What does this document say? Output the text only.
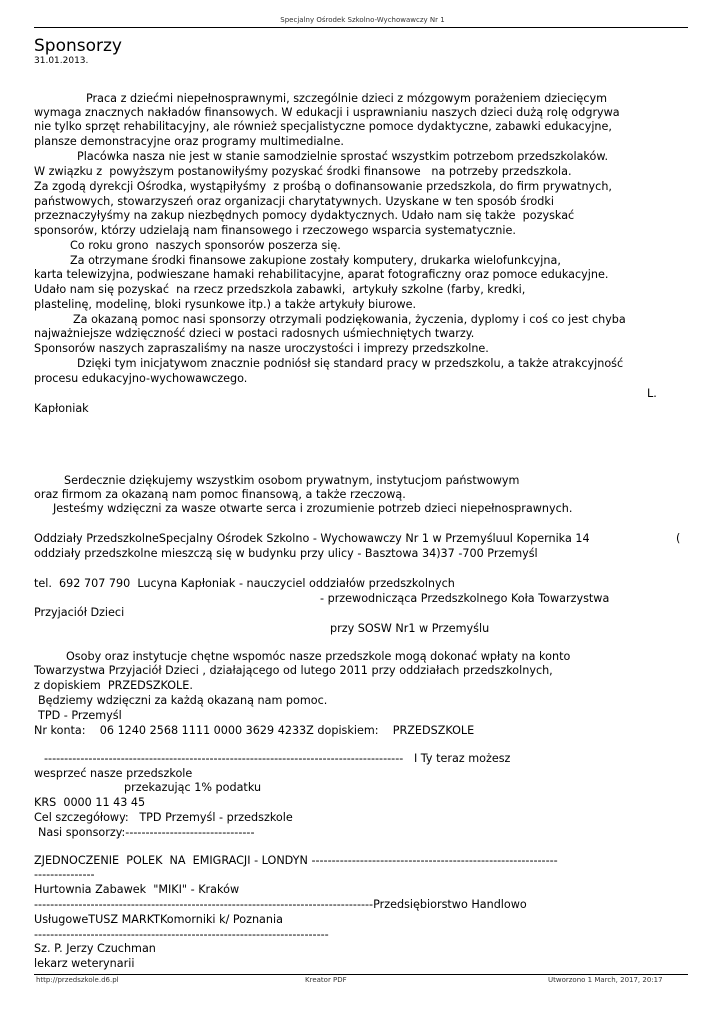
Specjalny Ośrodek Szkolno-Wychowawczy Nr 1
Sponsorzy
31.01.2013.
Praca z dziećmi niepełnosprawnymi, szczególnie dzieci z mózgowym porażeniem dziecięcym
wymaga znacznych nakładów finansowych. W edukacji i usprawnianiu naszych dzieci dużą rolę odgrywa
nie tylko sprzęt rehabilitacyjny, ale również specjalistyczne pomoce dydaktyczne, zabawki edukacyjne,
plansze demonstracyjne oraz programy multimedialne.
Placówka nasza nie jest w stanie samodzielnie sprostać wszystkim potrzebom przedszkolaków.
W związku z  powyższym postanowiłyśmy pozyskać środki finansowe   na potrzeby przedszkola.
Za zgodą dyrekcji Ośrodka, wystąpiłyśmy  z prośbą o dofinansowanie przedszkola, do firm prywatnych,
państwowych, stowarzyszeń oraz organizacji charytatywnych. Uzyskane w ten sposób środki
przeznaczyłyśmy na zakup niezbędnych pomocy dydaktycznych. Udało nam się także  pozyskać
sponsorów, którzy udzielają nam finansowego i rzeczowego wsparcia systematycznie.
Co roku grono  naszych sponsorów poszerza się.
Za otrzymane środki finansowe zakupione zostały komputery, drukarka wielofunkcyjna,
karta telewizyjna, podwieszane hamaki rehabilitacyjne, aparat fotograficzny oraz pomoce edukacyjne.
Udało nam się pozyskać  na rzecz przedszkola zabawki,  artykuły szkolne (farby, kredki,
plastelinę, modelinę, bloki rysunkowe itp.) a także artykuły biurowe.
Za okazaną pomoc nasi sponsorzy otrzymali podziękowania, życzenia, dyplomy i coś co jest chyba
najważniejsze wdzięczność dzieci w postaci radosnych uśmiechniętych twarzy.
Sponsorów naszych zapraszaliśmy na nasze uroczystości i imprezy przedszkolne.
Dzięki tym inicjatywom znacznie podniósł się standard pracy w przedszkolu, a także atrakcyjność
procesu edukacyjno-wychowawczego.
L.
Kapłoniak
Serdecznie dziękujemy wszystkim osobom prywatnym, instytucjom państwowym
oraz firmom za okazaną nam pomoc finansową, a także rzeczową.
Jesteśmy wdzięczni za wasze otwarte serca i zrozumienie potrzeb dzieci niepełnosprawnych.
Oddziały PrzedszkolneSpecjalny Ośrodek Szkolno - Wychowawczy Nr 1 w Przemyśluul Kopernika 14	(
oddziały przedszkolne mieszczą się w budynku przy ulicy - Basztowa 34)37 -700 Przemyśl
tel.  692 707 790  Lucyna Kapłoniak - nauczyciel oddziałów przedszkolnych
- przewodnicząca Przedszkolnego Koła Towarzystwa
Przyjaciół Dzieci
przy SOSW Nr1 w Przemyślu
Osoby oraz instytucje chętne wspomóc nasze przedszkole mogą dokonać wpłaty na konto
Towarzystwa Przyjaciół Dzieci , działającego od lutego 2011 przy oddziałach przedszkolnych,
z dopiskiem  PRZEDSZKOLE.
Będziemy wdzięczni za każdą okazaną nam pomoc.
TPD - Przemyśl
Nr konta:    06 1240 2568 1111 0000 3629 4233Z dopiskiem:    PRZEDSZKOLE
-----------------------------------------------------------------------------------------   I Ty teraz możesz
wesprzeć nasze przedszkole
przekazując 1% podatku
KRS  0000 11 43 45
Cel szczegółowy:   TPD Przemyśl - przedszkole
Nasi sponsorzy:--------------------------------
ZJEDNOCZENIE  POLEK  NA  EMIGRACJI - LONDYN -------------------------------------------------------------
---------------
Hurtownia Zabawek  "MIKI" - Kraków
------------------------------------------------------------------------------------Przedsiębiorstwo Handlowo
UsługoweTUSZ MARKTKomorniki k/ Poznania
-------------------------------------------------------------------------
Sz. P. Jerzy Czuchman
lekarz weterynarii
http://przedszkole.d6.pl	Kreator PDF	Utworzono 1 March, 2017, 20:17
